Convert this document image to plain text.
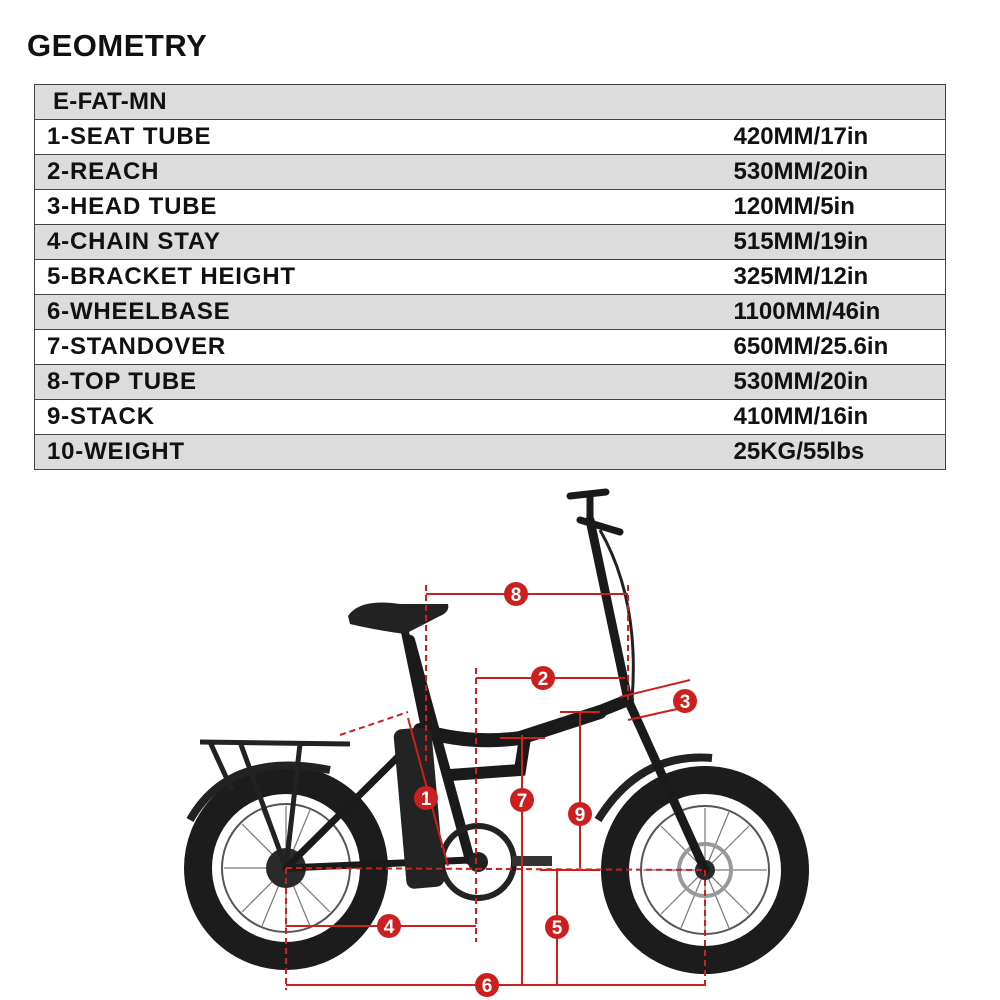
GEOMETRY
E-FAT-MN	
1-SEAT TUBE	420MM/17in
2-REACH	530MM/20in
3-HEAD TUBE	120MM/5in
4-CHAIN STAY	515MM/19in
5-BRACKET HEIGHT	325MM/12in
6-WHEELBASE	1100MM/46in
7-STANDOVER	650MM/25.6in
8-TOP TUBE	530MM/20in
9-STACK	410MM/16in
10-WEIGHT	25KG/55lbs
1
2
3
4	5
6
7
8
9
